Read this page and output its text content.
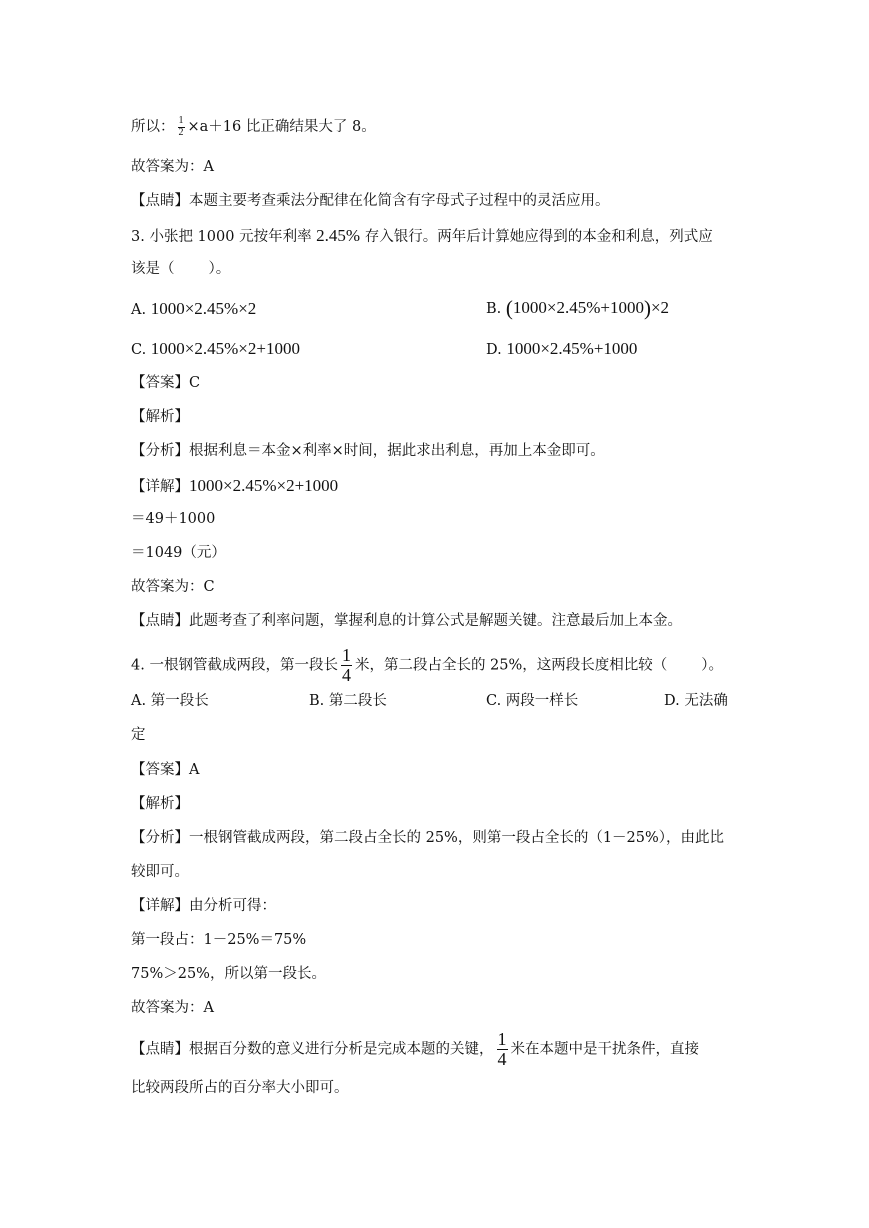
所以： $\frac{1}{2} \times a+16$ 比正确结果大了 8。
故答案为：A
【点睛】本题主要考查乘法分配律在化简含有字母式子过程中的灵活应用。
3. 小张把 1000 元按年利率 2.45% 存入银行。两年后计算她应得到的本金和利息，列式应
该是（ ）。
A. 1000×2.45%×2	B. (1000×2.45%+1000)×2
C. 1000×2.45%×2+1000	D. 1000×2.45%+1000
【答案】C
【解析】
【分析】根据利息＝本金×利率×时间，据此求出利息，再加上本金即可。
【详解】1000×2.45%×2+1000
＝49＋1000
＝1049（元）
故答案为：C
【点睛】此题考查了利率问题，掌握利息的计算公式是解题关键。注意最后加上本金。
4. 一根钢管截成两段，第一段长 $\frac{1}{4}$ 米，第二段占全长的 25%，这两段长度相比较（ ）。
A. 第一段长	B. 第二段长	C. 两段一样长	D. 无法确
定
【答案】A
【解析】
【分析】一根钢管截成两段，第二段占全长的 25%，则第一段占全长的（1－25%），由此比
较即可。
【详解】由分析可得：
第一段占：1－25%＝75%
75%＞25%，所以第一段长。
故答案为：A
【点睛】根据百分数的意义进行分析是完成本题的关键， $\frac{1}{4}$ 米在本题中是干扰条件，直接
比较两段所占的百分率大小即可。
